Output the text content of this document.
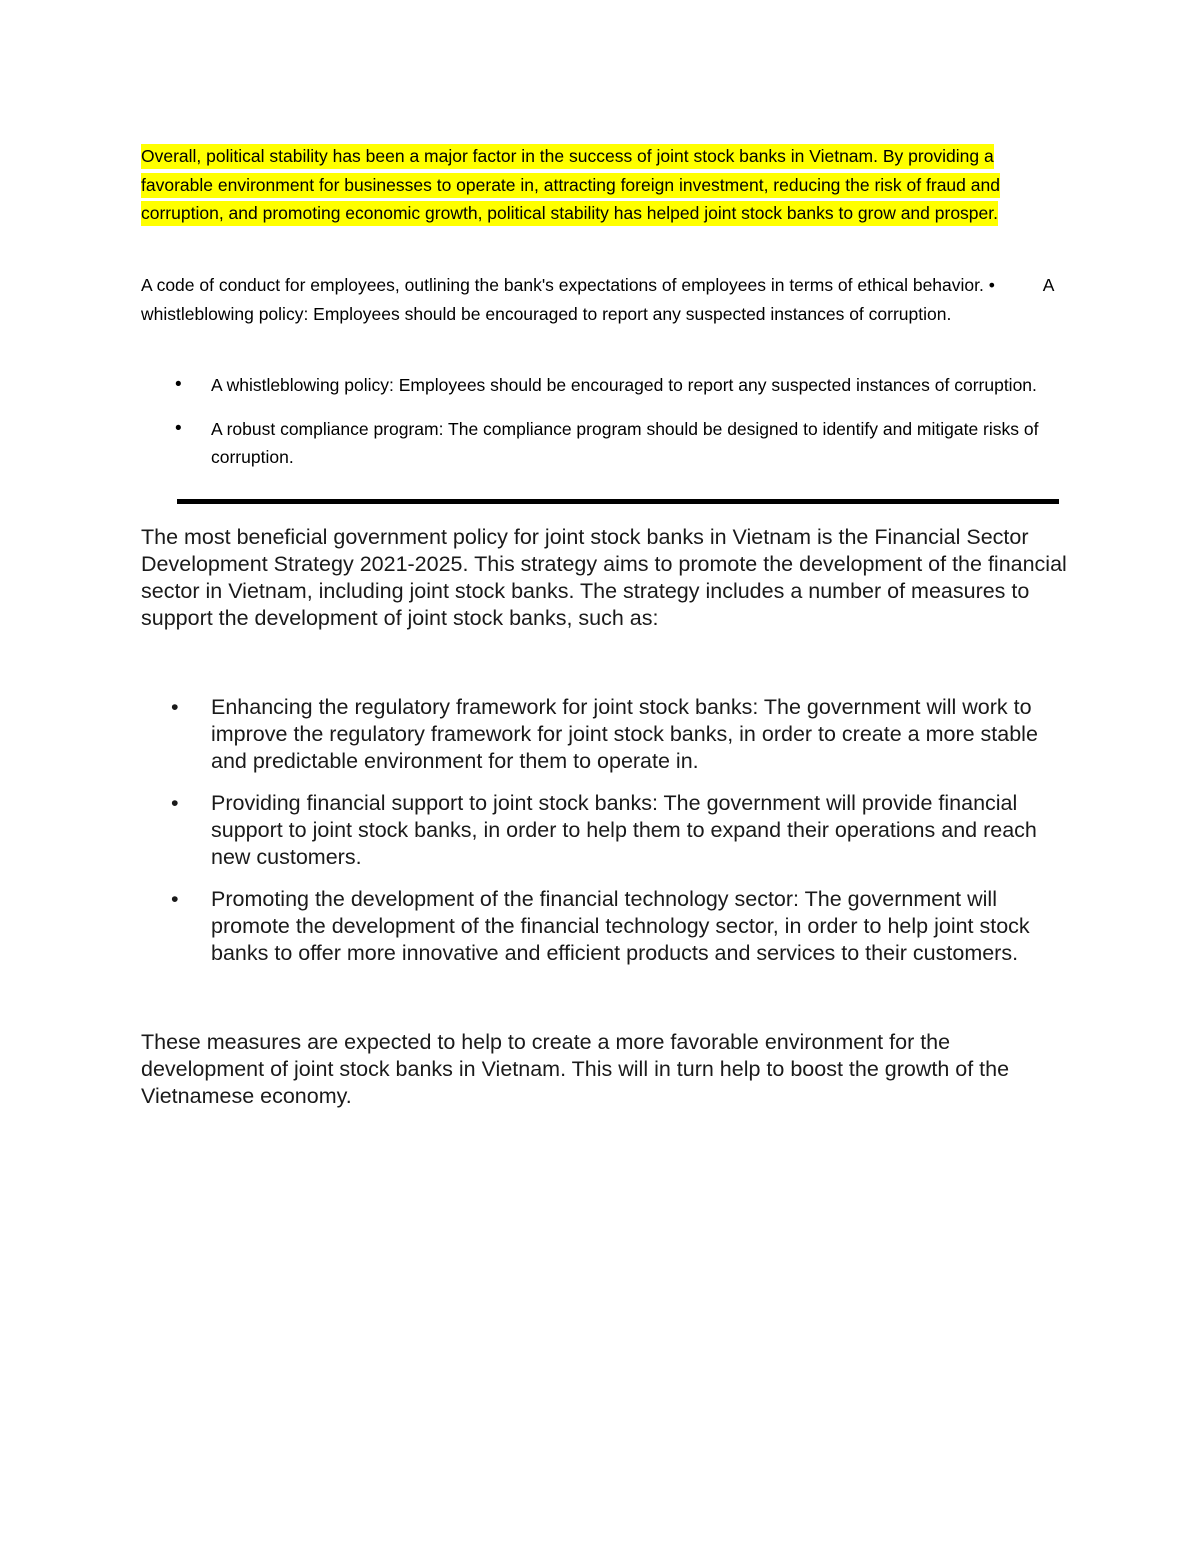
Overall, political stability has been a major factor in the success of joint stock banks in Vietnam. By providing a favorable environment for businesses to operate in, attracting foreign investment, reducing the risk of fraud and corruption, and promoting economic growth, political stability has helped joint stock banks to grow and prosper.

A code of conduct for employees, outlining the bank's expectations of employees in terms of ethical behavior. •	A whistleblowing policy: Employees should be encouraged to report any suspected instances of corruption.

• A whistleblowing policy: Employees should be encouraged to report any suspected instances of corruption.
• A robust compliance program: The compliance program should be designed to identify and mitigate risks of corruption.

The most beneficial government policy for joint stock banks in Vietnam is the Financial Sector Development Strategy 2021-2025. This strategy aims to promote the development of the financial sector in Vietnam, including joint stock banks. The strategy includes a number of measures to support the development of joint stock banks, such as:

• Enhancing the regulatory framework for joint stock banks: The government will work to improve the regulatory framework for joint stock banks, in order to create a more stable and predictable environment for them to operate in.
• Providing financial support to joint stock banks: The government will provide financial support to joint stock banks, in order to help them to expand their operations and reach new customers.
• Promoting the development of the financial technology sector: The government will promote the development of the financial technology sector, in order to help joint stock banks to offer more innovative and efficient products and services to their customers.

These measures are expected to help to create a more favorable environment for the development of joint stock banks in Vietnam. This will in turn help to boost the growth of the Vietnamese economy.
